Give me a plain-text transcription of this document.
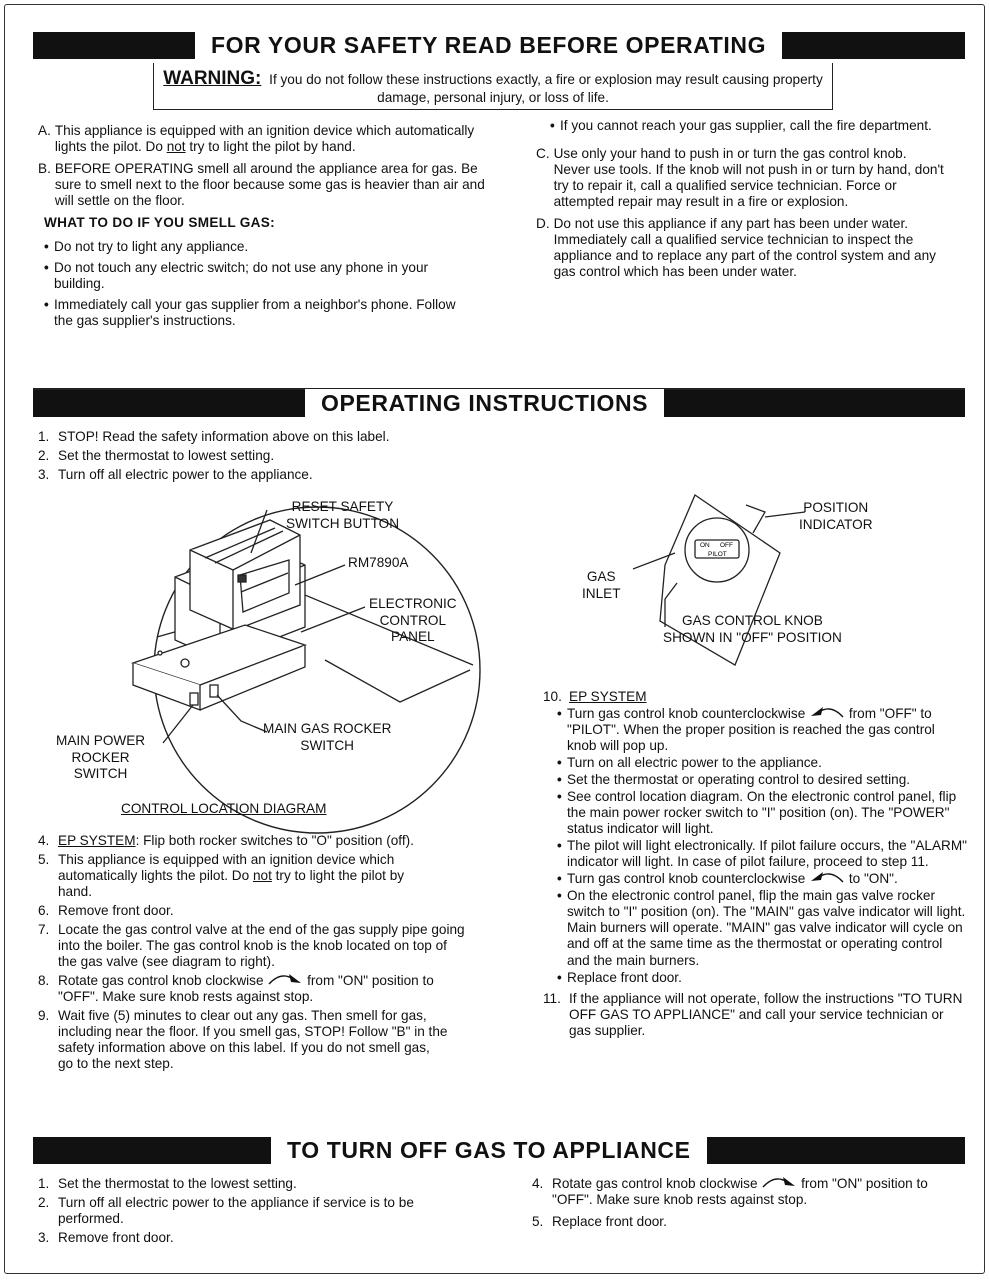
FOR YOUR SAFETY READ BEFORE OPERATING
WARNING: If you do not follow these instructions exactly, a fire or explosion may result causing property damage, personal injury, or loss of life.
A. This appliance is equipped with an ignition device which automatically lights the pilot. Do not try to light the pilot by hand.
B. BEFORE OPERATING smell all around the appliance area for gas. Be sure to smell next to the floor because some gas is heavier than air and will settle on the floor.
WHAT TO DO IF YOU SMELL GAS:
• Do not try to light any appliance.
• Do not touch any electric switch; do not use any phone in your building.
• Immediately call your gas supplier from a neighbor's phone. Follow the gas supplier's instructions.
• If you cannot reach your gas supplier, call the fire department.
C. Use only your hand to push in or turn the gas control knob. Never use tools. If the knob will not push in or turn by hand, don't try to repair it, call a qualified service technician. Force or attempted repair may result in a fire or explosion.
D. Do not use this appliance if any part has been under water. Immediately call a qualified service technician to inspect the appliance and to replace any part of the control system and any gas control which has been under water.
OPERATING INSTRUCTIONS
1. STOP! Read the safety information above on this label.
2. Set the thermostat to lowest setting.
3. Turn off all electric power to the appliance.
ON OFF
PILOT
RESET SAFETY
SWITCH BUTTON
RM7890A
ELECTRONIC
CONTROL
PANEL
MAIN POWER
ROCKER
SWITCH
MAIN GAS ROCKER
SWITCH
CONTROL LOCATION DIAGRAM
POSITION
INDICATOR
GAS
INLET
GAS CONTROL KNOB
SHOWN IN "OFF" POSITION
4. EP SYSTEM: Flip both rocker switches to "O" position (off).
5. This appliance is equipped with an ignition device which automatically lights the pilot. Do not try to light the pilot by hand.
6. Remove front door.
7. Locate the gas control valve at the end of the gas supply pipe going into the boiler. The gas control knob is the knob located on top of the gas valve (see diagram to right).
8. Rotate gas control knob clockwise	from "ON" position to "OFF". Make sure knob rests against stop.
9. Wait five (5) minutes to clear out any gas. Then smell for gas, including near the floor. If you smell gas, STOP! Follow "B" in the safety information above on this label. If you do not smell gas, go to the next step.
10. EP SYSTEM
• Turn gas control knob counterclockwise	from "OFF" to "PILOT". When the proper position is reached the gas control knob will pop up.
• Turn on all electric power to the appliance.
• Set the thermostat or operating control to desired setting.
• See control location diagram. On the electronic control panel, flip the main power rocker switch to "I" position (on). The "POWER" status indicator will light.
• The pilot will light electronically. If pilot failure occurs, the "ALARM" indicator will light. In case of pilot failure, proceed to step 11.
• Turn gas control knob counterclockwise	to "ON".
• On the electronic control panel, flip the main gas valve rocker switch to "I" position (on). The "MAIN" gas valve indicator will light. Main burners will operate. "MAIN" gas valve indicator will cycle on and off at the same time as the thermostat or operating control and the main burners.
• Replace front door.
11. If the appliance will not operate, follow the instructions "TO TURN OFF GAS TO APPLIANCE" and call your service technician or gas supplier.
TO TURN OFF GAS TO APPLIANCE
1. Set the thermostat to the lowest setting.
2. Turn off all electric power to the appliance if service is to be performed.
3. Remove front door.
4. Rotate gas control knob clockwise	from "ON" position to "OFF". Make sure knob rests against stop.
5. Replace front door.
